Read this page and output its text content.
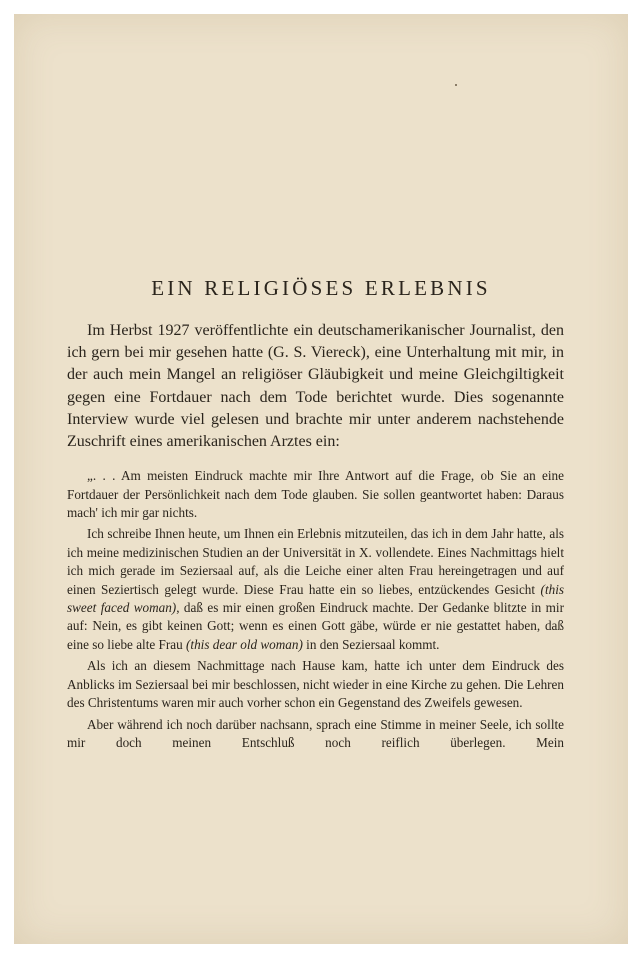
EIN RELIGIÖSES ERLEBNIS

Im Herbst 1927 veröffentlichte ein deutschamerikanischer Journalist, den ich gern bei mir gesehen hatte (G. S. Viereck), eine Unterhaltung mit mir, in der auch mein Mangel an religiöser Gläubigkeit und meine Gleichgiltigkeit gegen eine Fortdauer nach dem Tode berichtet wurde. Dies sogenannte Interview wurde viel gelesen und brachte mir unter anderem nachstehende Zuschrift eines amerikanischen Arztes ein:

„. . . Am meisten Eindruck machte mir Ihre Antwort auf die Frage, ob Sie an eine Fortdauer der Persönlichkeit nach dem Tode glauben. Sie sollen geantwortet haben: Daraus mach' ich mir gar nichts.

Ich schreibe Ihnen heute, um Ihnen ein Erlebnis mitzuteilen, das ich in dem Jahr hatte, als ich meine medizinischen Studien an der Universität in X. vollendete. Eines Nachmittags hielt ich mich gerade im Seziersaal auf, als die Leiche einer alten Frau hereingetragen und auf einen Seziertisch gelegt wurde. Diese Frau hatte ein so liebes, entzückendes Gesicht (this sweet faced woman), daß es mir einen großen Eindruck machte. Der Gedanke blitzte in mir auf: Nein, es gibt keinen Gott; wenn es einen Gott gäbe, würde er nie gestattet haben, daß eine so liebe alte Frau (this dear old woman) in den Seziersaal kommt.

Als ich an diesem Nachmittage nach Hause kam, hatte ich unter dem Eindruck des Anblicks im Seziersaal bei mir beschlossen, nicht wieder in eine Kirche zu gehen. Die Lehren des Christentums waren mir auch vorher schon ein Gegenstand des Zweifels gewesen.

Aber während ich noch darüber nachsann, sprach eine Stimme in meiner Seele, ich sollte mir doch meinen Entschluß noch reiflich überlegen. Mein
